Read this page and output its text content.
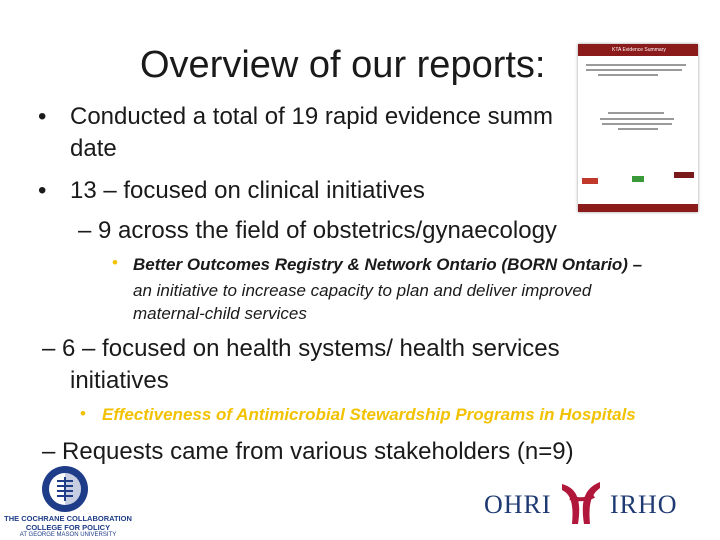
Overview of our reports:	KTA Evidence Summary
• Conducted a total of 19 rapid evidence summ
date
• 13 – focused on clinical initiatives
– 9 across the field of obstetrics/gynaecology
• Better Outcomes Registry & Network Ontario (BORN Ontario) –
an initiative to increase capacity to plan and deliver improved
maternal-child services
– 6 – focused on health systems/ health services
initiatives
• Effectiveness of Antimicrobial Stewardship Programs in Hospitals
– Requests came from various stakeholders (n=9)
THE COCHRANE COLLABORATION
COLLEGE FOR POLICY
AT GEORGE MASON UNIVERSITY
OHRI IRHO
